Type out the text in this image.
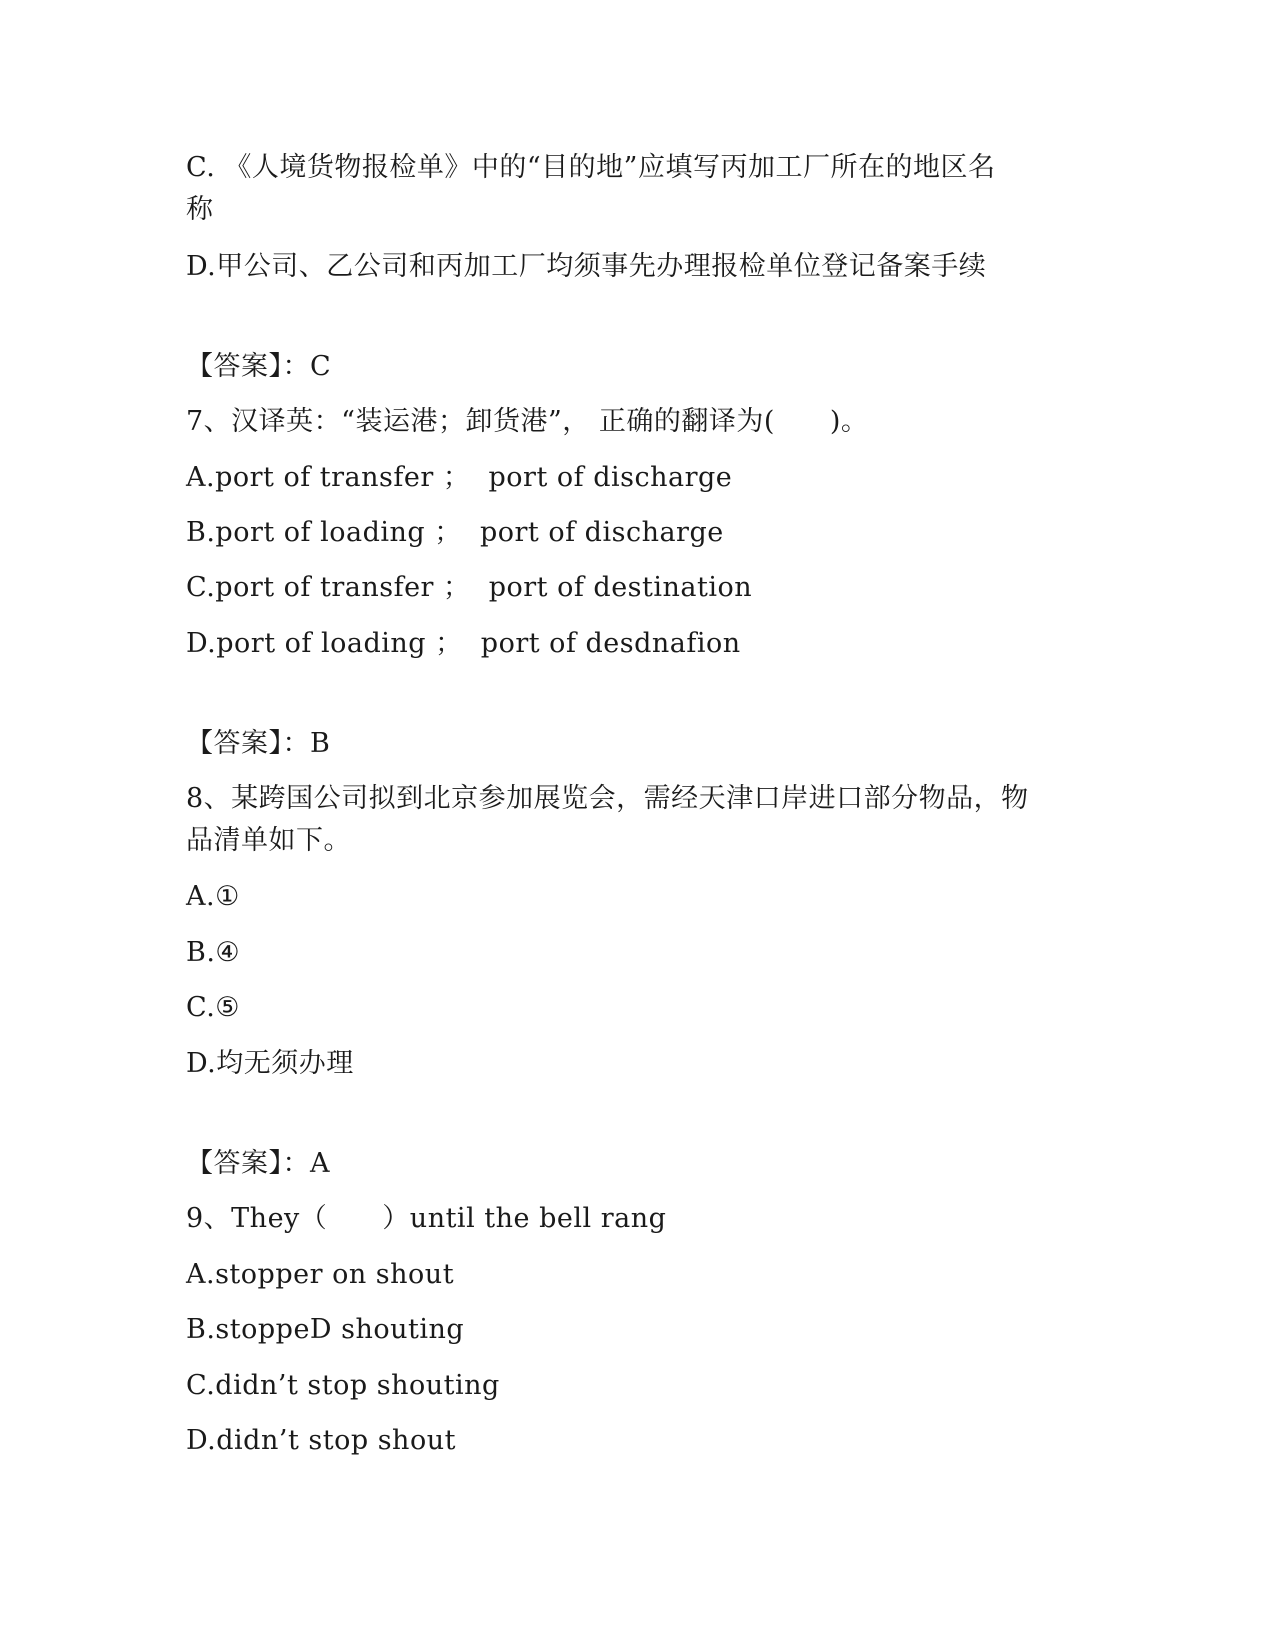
C. 《人境货物报检单》中的“目的地”应填写丙加工厂所在的地区名
称
D.甲公司、乙公司和丙加工厂均须事先办理报检单位登记备案手续
【答案】：C
7、汉译英：“装运港；卸货港”， 正确的翻译为(　　)。
A.port of transfer ；  port of discharge
B.port of loading ；  port of discharge
C.port of transfer ；  port of destination
D.port of loading ；  port of desdnafion
【答案】：B
8、某跨国公司拟到北京参加展览会，需经天津口岸进口部分物品，物
品清单如下。
A.①
B.④
C.⑤
D.均无须办理
【答案】：A
9、They（　　）until the bell rang
A.stopper on shout
B.stoppeD shouting
C.didn’t stop shouting
D.didn’t stop shout
